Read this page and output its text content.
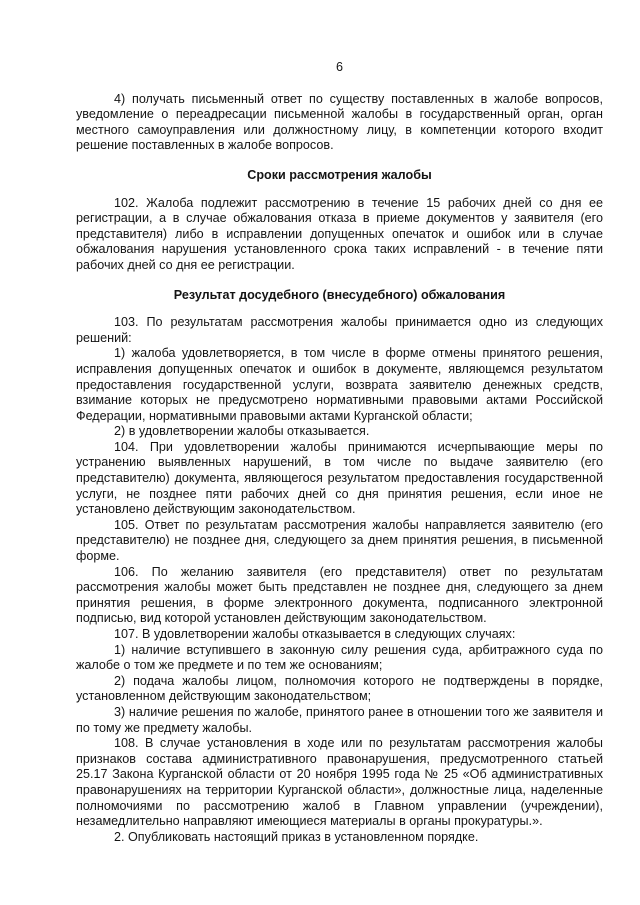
6

4) получать письменный ответ по существу поставленных в жалобе вопросов, уведомление о переадресации письменной жалобы в государственный орган, орган местного самоуправления или должностному лицу, в компетенции которого входит решение поставленных в жалобе вопросов.

Сроки рассмотрения жалобы

102. Жалоба подлежит рассмотрению в течение 15 рабочих дней со дня ее регистрации, а в случае обжалования отказа в приеме документов у заявителя (его представителя) либо в исправлении допущенных опечаток и ошибок или в случае обжалования нарушения установленного срока таких исправлений - в течение пяти рабочих дней со дня ее регистрации.

Результат досудебного (внесудебного) обжалования

103. По результатам рассмотрения жалобы принимается одно из следующих решений:

1) жалоба удовлетворяется, в том числе в форме отмены принятого решения, исправления допущенных опечаток и ошибок в документе, являющемся результатом предоставления государственной услуги, возврата заявителю денежных средств, взимание которых не предусмотрено нормативными правовыми актами Российской Федерации, нормативными правовыми актами Курганской области;

2) в удовлетворении жалобы отказывается.

104. При удовлетворении жалобы принимаются исчерпывающие меры по устранению выявленных нарушений, в том числе по выдаче заявителю (его представителю) документа, являющегося результатом предоставления государственной услуги, не позднее пяти рабочих дней со дня принятия решения, если иное не установлено действующим законодательством.

105. Ответ по результатам рассмотрения жалобы направляется заявителю (его представителю) не позднее дня, следующего за днем принятия решения, в письменной форме.

106. По желанию заявителя (его представителя) ответ по результатам рассмотрения жалобы может быть представлен не позднее дня, следующего за днем принятия решения, в форме электронного документа, подписанного электронной подписью, вид которой установлен действующим законодательством.

107. В удовлетворении жалобы отказывается в следующих случаях:

1) наличие вступившего в законную силу решения суда, арбитражного суда по жалобе о том же предмете и по тем же основаниям;

2) подача жалобы лицом, полномочия которого не подтверждены в порядке, установленном действующим законодательством;

3) наличие решения по жалобе, принятого ранее в отношении того же заявителя и по тому же предмету жалобы.

108. В случае установления в ходе или по результатам рассмотрения жалобы признаков состава административного правонарушения, предусмотренного статьей 25.17 Закона Курганской области от 20 ноября 1995 года № 25 «Об административных правонарушениях на территории Курганской области», должностные лица, наделенные полномочиями по рассмотрению жалоб в Главном управлении (учреждении), незамедлительно направляют имеющиеся материалы в органы прокуратуры.».

2. Опубликовать настоящий приказ в установленном порядке.
